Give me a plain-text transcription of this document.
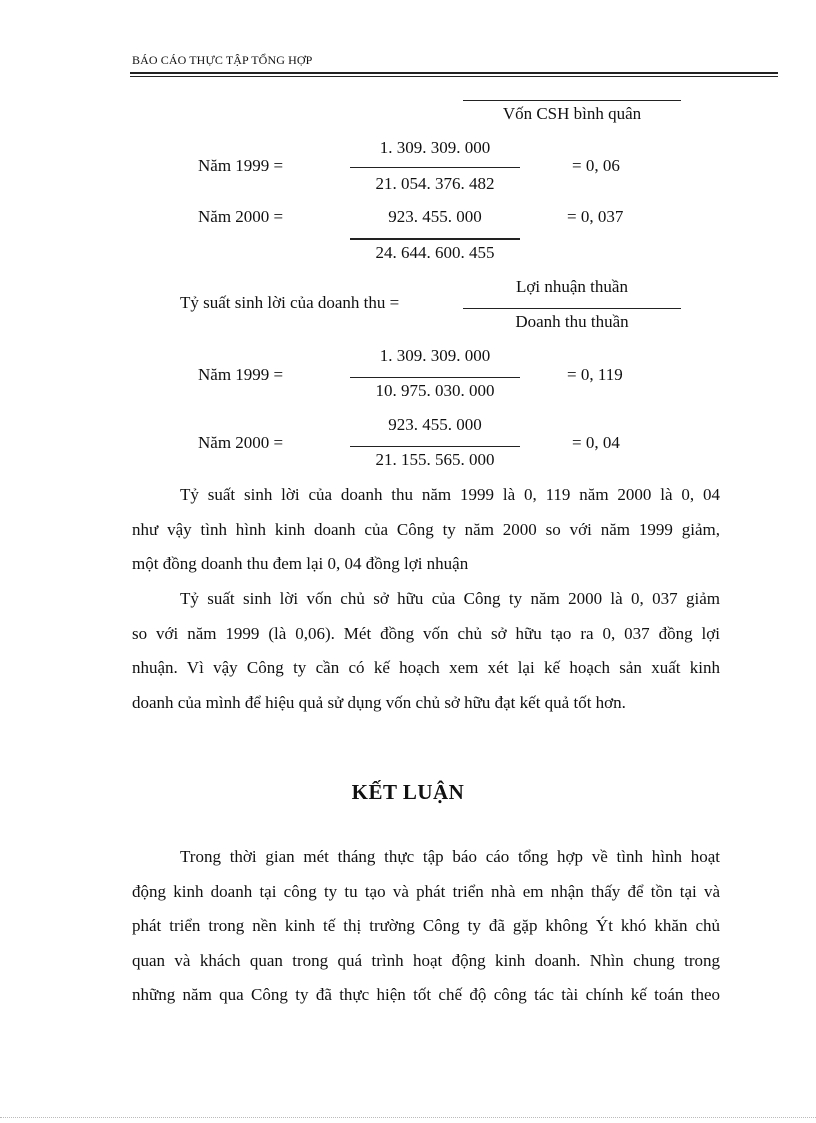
BÁO CÁO THỰC TẬP TỔNG HỢP
Vốn CSH bình quân
Năm 1999 =
1. 309. 309. 000
21. 054. 376. 482
= 0, 06
Năm 2000 =	923. 455. 000
24. 644. 600. 455
= 0, 037
Tỷ suất sinh lời của doanh thu =
Lợi nhuận thuần
Doanh thu thuần
Năm 1999 =
1. 309. 309. 000
10. 975. 030. 000
= 0, 119
Năm 2000 =
923. 455. 000
21. 155. 565. 000
= 0, 04
Tỷ suất sinh lời của doanh thu năm 1999 là 0, 119 năm 2000 là 0, 04
như vậy tình hình kinh doanh của Công ty năm 2000 so với năm 1999 giảm,
một đồng doanh thu đem lại 0, 04 đồng lợi nhuận
Tỷ suất sinh lời vốn chủ sở hữu của Công ty năm 2000 là 0, 037 giảm
so với năm 1999 (là 0,06). Mét đồng vốn chủ sở hữu tạo ra 0, 037 đồng lợi
nhuận. Vì vậy Công ty cần có kế hoạch xem xét lại kế hoạch sản xuất kinh
doanh của mình để hiệu quả sử dụng vốn chủ sở hữu đạt kết quả tốt hơn.
KẾT LUẬN
Trong thời gian mét tháng thực tập báo cáo tổng hợp về tình hình hoạt
động kinh doanh tại công ty tu tạo và phát triển nhà em nhận thấy để tồn tại và
phát triển trong nền kinh tế thị trường Công ty đã gặp không Ýt khó khăn chủ
quan và khách quan trong quá trình hoạt động kinh doanh. Nhìn chung trong
những năm qua Công ty đã thực hiện tốt chế độ công tác tài chính kế toán theo
